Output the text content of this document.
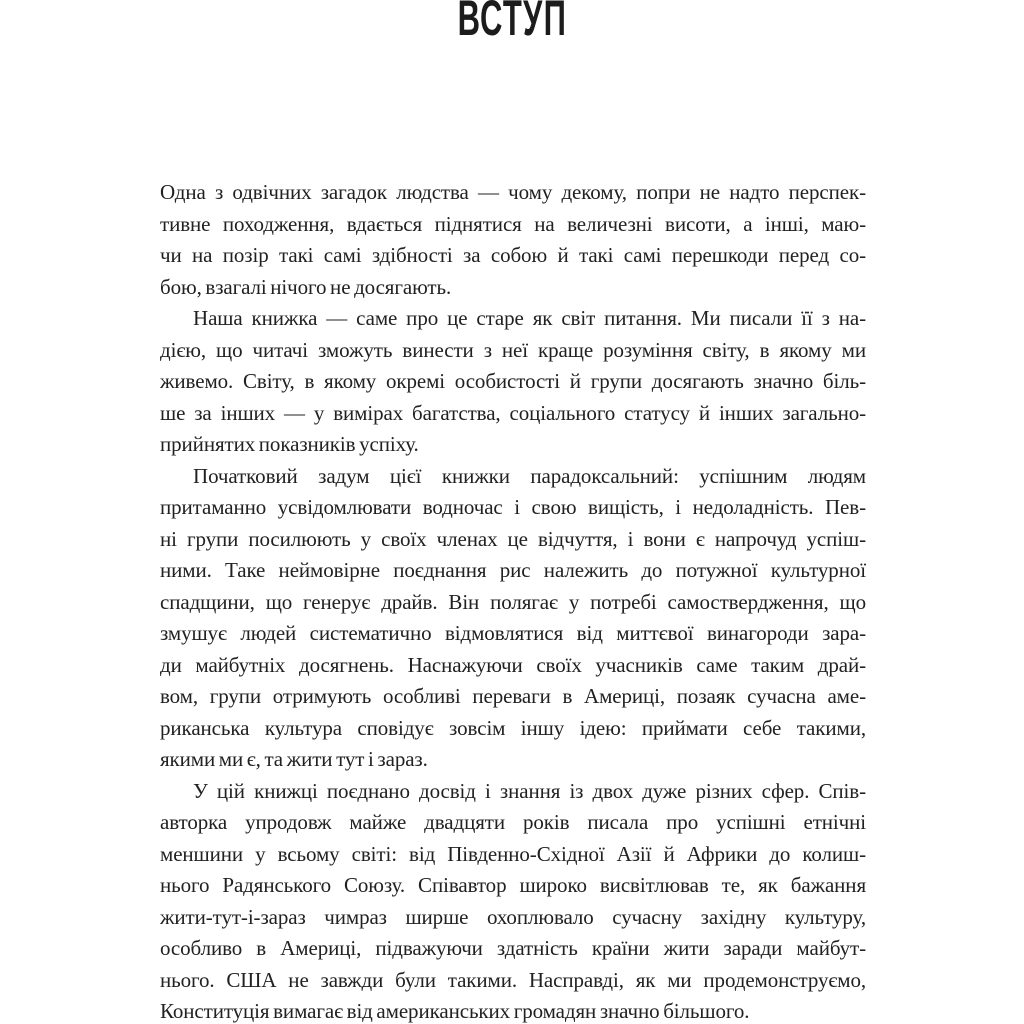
ВСТУП
Одна з одвічних загадок людства — чому декому, попри не надто перспек-
тивне походження, вдається піднятися на величезні висоти, а інші, маю-
чи на позір такі самі здібності за собою й такі самі перешкоди перед со-
бою, взагалі нічого не досягають.
Наша книжка — саме про це старе як світ питання. Ми писали її з на-
дією, що читачі зможуть винести з неї краще розуміння світу, в якому ми
живемо. Світу, в якому окремі особистості й групи досягають значно біль-
ше за інших — у вимірах багатства, соціального статусу й інших загально-
прийнятих показників успіху.
Початковий задум цієї книжки парадоксальний: успішним людям
притаманно усвідомлювати водночас і свою вищість, і недоладність. Пев-
ні групи посилюють у своїх членах це відчуття, і вони є напрочуд успіш-
ними. Таке неймовірне поєднання рис належить до потужної культурної
спадщини, що генерує драйв. Він полягає у потребі самоствердження, що
змушує людей систематично відмовлятися від миттєвої винагороди зара-
ди майбутніх досягнень. Наснажуючи своїх учасників саме таким драй-
вом, групи отримують особливі переваги в Америці, позаяк сучасна аме-
риканська культура сповідує зовсім іншу ідею: приймати себе такими,
якими ми є, та жити тут і зараз.
У цій книжці поєднано досвід і знання із двох дуже різних сфер. Спів-
авторка упродовж майже двадцяти років писала про успішні етнічні
меншини у всьому світі: від Південно-Східної Азії й Африки до колиш-
нього Радянського Союзу. Співавтор широко висвітлював те, як бажання
жити-тут-і-зараз чимраз ширше охоплювало сучасну західну культуру,
особливо в Америці, підважуючи здатність країни жити заради майбут-
нього. США не завжди були такими. Насправді, як ми продемонструємо,
Конституція вимагає від американських громадян значно більшого.
